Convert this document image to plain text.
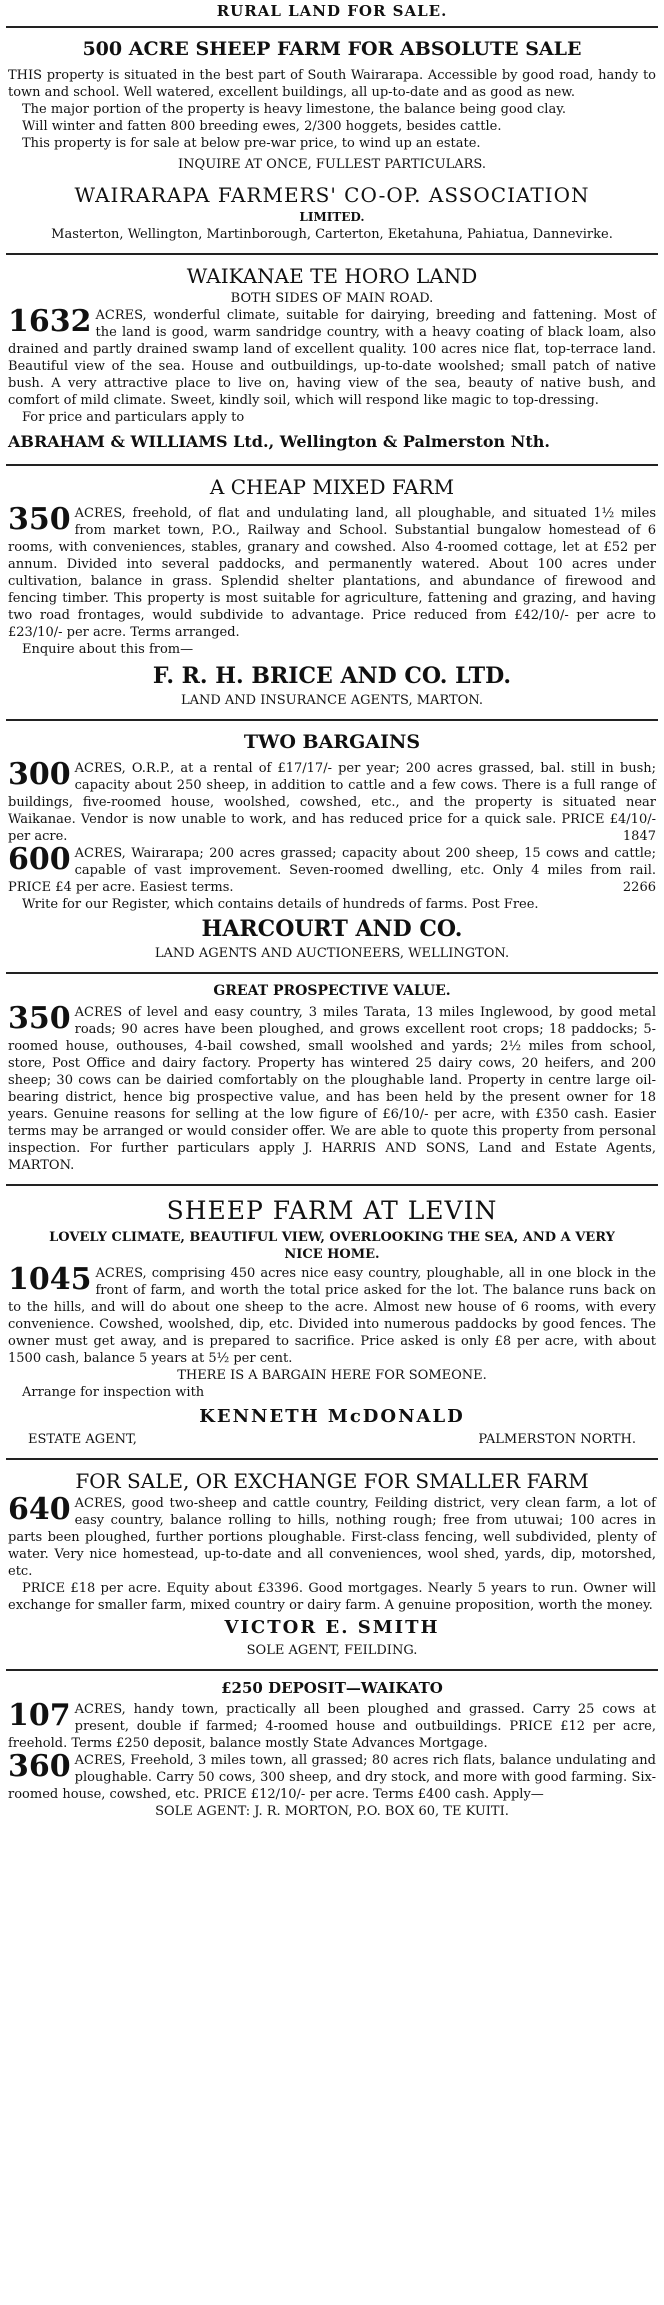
RURAL LAND FOR SALE.
500 ACRE SHEEP FARM FOR ABSOLUTE SALE

THIS property is situated in the best part of South Wairarapa. Accessible by good road, handy to town and school. Well watered, excellent buildings, all up-to-date and as good as new.

The major portion of the property is heavy limestone, the balance being good clay.

Will winter and fatten 800 breeding ewes, 2/300 hoggets, besides cattle.

This property is for sale at below pre-war price, to wind up an estate.

INQUIRE AT ONCE, FULLEST PARTICULARS.
WAIRARAPA FARMERS' CO-OP. ASSOCIATION
LIMITED.
Masterton, Wellington, Martinborough, Carterton, Eketahuna, Pahiatua, Dannevirke.
WAIKANAE TE HORO LAND
BOTH SIDES OF MAIN ROAD.
1632 ACRES, wonderful climate, suitable for dairying, breeding and fattening. Most of the land is good, warm sandridge country, with a heavy coating of black loam, also drained and partly drained swamp land of excellent quality. 100 acres nice flat, top-terrace land. Beautiful view of the sea. House and outbuildings, up-to-date woolshed; small patch of native bush. A very attractive place to live on, having view of the sea, beauty of native bush, and comfort of mild climate. Sweet, kindly soil, which will respond like magic to top-dressing.

For price and particulars apply to

ABRAHAM & WILLIAMS Ltd., Wellington & Palmerston Nth.
A CHEAP MIXED FARM
350 ACRES, freehold, of flat and undulating land, all ploughable, and situated 1½ miles from market town, P.O., Railway and School. Substantial bungalow homestead of 6 rooms, with conveniences, stables, granary and cowshed. Also 4-roomed cottage, let at £52 per annum. Divided into several paddocks, and permanently watered. About 100 acres under cultivation, balance in grass. Splendid shelter plantations, and abundance of firewood and fencing timber. This property is most suitable for agriculture, fattening and grazing, and having two road frontages, would subdivide to advantage. Price reduced from £42/10/- per acre to £23/10/- per acre. Terms arranged.

Enquire about this from—

F. R. H. BRICE AND CO. LTD.
LAND AND INSURANCE AGENTS, MARTON.
TWO BARGAINS
300 ACRES, O.R.P., at a rental of £17/17/- per year; 200 acres grassed, bal. still in bush; capacity about 250 sheep, in addition to cattle and a few cows. There is a full range of buildings, five-roomed house, woolshed, cowshed, etc., and the property is situated near Waikanae. Vendor is now unable to work, and has reduced price for a quick sale. PRICE £4/10/- per acre.	1847

600 ACRES, Wairarapa; 200 acres grassed; capacity about 200 sheep, 15 cows and cattle; capable of vast improvement. Seven-roomed dwelling, etc. Only 4 miles from rail. PRICE £4 per acre. Easiest terms.	2266

Write for our Register, which contains details of hundreds of farms. Post Free.

HARCOURT AND CO.
LAND AGENTS AND AUCTIONEERS, WELLINGTON.
GREAT PROSPECTIVE VALUE.
350 ACRES of level and easy country, 3 miles Tarata, 13 miles Inglewood, by good metal roads; 90 acres have been ploughed, and grows excellent root crops; 18 paddocks; 5-roomed house, outhouses, 4-bail cowshed, small woolshed and yards; 2½ miles from school, store, Post Office and dairy factory. Property has wintered 25 dairy cows, 20 heifers, and 200 sheep; 30 cows can be dairied comfortably on the ploughable land. Property in centre large oil-bearing district, hence big prospective value, and has been held by the present owner for 18 years. Genuine reasons for selling at the low figure of £6/10/- per acre, with £350 cash. Easier terms may be arranged or would consider offer. We are able to quote this property from personal inspection. For further particulars apply J. HARRIS AND SONS, Land and Estate Agents, MARTON.

SHEEP FARM AT LEVIN
LOVELY CLIMATE, BEAUTIFUL VIEW, OVERLOOKING THE SEA, AND A VERY NICE HOME.
1045 ACRES, comprising 450 acres nice easy country, ploughable, all in one block in the front of farm, and worth the total price asked for the lot. The balance runs back on to the hills, and will do about one sheep to the acre. Almost new house of 6 rooms, with every convenience. Cowshed, woolshed, dip, etc. Divided into numerous paddocks by good fences. The owner must get away, and is prepared to sacrifice. Price asked is only £8 per acre, with about 1500 cash, balance 5 years at 5½ per cent.

THERE IS A BARGAIN HERE FOR SOMEONE.

Arrange for inspection with

KENNETH McDONALD
ESTATE AGENT,	PALMERSTON NORTH.
FOR SALE, OR EXCHANGE FOR SMALLER FARM
640 ACRES, good two-sheep and cattle country, Feilding district, very clean farm, a lot of easy country, balance rolling to hills, nothing rough; free from utuwai; 100 acres in parts been ploughed, further portions ploughable. First-class fencing, well subdivided, plenty of water. Very nice homestead, up-to-date and all conveniences, wool shed, yards, dip, motorshed, etc.

PRICE £18 per acre. Equity about £3396. Good mortgages. Nearly 5 years to run. Owner will exchange for smaller farm, mixed country or dairy farm. A genuine proposition, worth the money.

VICTOR E. SMITH
SOLE AGENT, FEILDING.
£250 DEPOSIT—WAIKATO
107 ACRES, handy town, practically all been ploughed and grassed. Carry 25 cows at present, double if farmed; 4-roomed house and outbuildings. PRICE £12 per acre, freehold. Terms £250 deposit, balance mostly State Advances Mortgage.

360 ACRES, Freehold, 3 miles town, all grassed; 80 acres rich flats, balance undulating and ploughable. Carry 50 cows, 300 sheep, and dry stock, and more with good farming. Six-roomed house, cowshed, etc. PRICE £12/10/- per acre. Terms £400 cash. Apply—

SOLE AGENT: J. R. MORTON, P.O. BOX 60, TE KUITI.
